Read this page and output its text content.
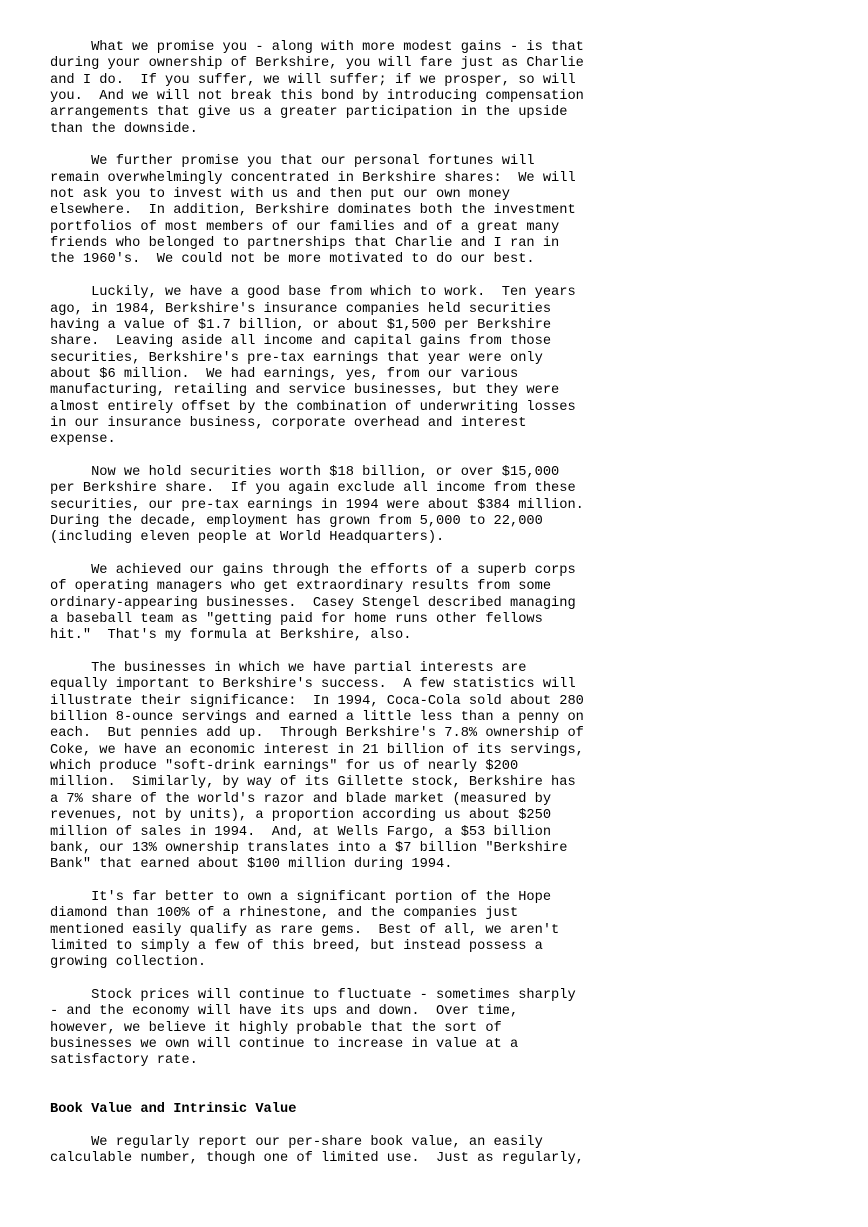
What we promise you - along with more modest gains - is that
during your ownership of Berkshire, you will fare just as Charlie
and I do.  If you suffer, we will suffer; if we prosper, so will
you.  And we will not break this bond by introducing compensation
arrangements that give us a greater participation in the upside
than the downside.

We further promise you that our personal fortunes will
remain overwhelmingly concentrated in Berkshire shares:  We will
not ask you to invest with us and then put our own money
elsewhere.  In addition, Berkshire dominates both the investment
portfolios of most members of our families and of a great many
friends who belonged to partnerships that Charlie and I ran in
the 1960's.  We could not be more motivated to do our best.

Luckily, we have a good base from which to work.  Ten years
ago, in 1984, Berkshire's insurance companies held securities
having a value of $1.7 billion, or about $1,500 per Berkshire
share.  Leaving aside all income and capital gains from those
securities, Berkshire's pre-tax earnings that year were only
about $6 million.  We had earnings, yes, from our various
manufacturing, retailing and service businesses, but they were
almost entirely offset by the combination of underwriting losses
in our insurance business, corporate overhead and interest
expense.

Now we hold securities worth $18 billion, or over $15,000
per Berkshire share.  If you again exclude all income from these
securities, our pre-tax earnings in 1994 were about $384 million.
During the decade, employment has grown from 5,000 to 22,000
(including eleven people at World Headquarters).

We achieved our gains through the efforts of a superb corps
of operating managers who get extraordinary results from some
ordinary-appearing businesses.  Casey Stengel described managing
a baseball team as "getting paid for home runs other fellows
hit."  That's my formula at Berkshire, also.

The businesses in which we have partial interests are
equally important to Berkshire's success.  A few statistics will
illustrate their significance:  In 1994, Coca-Cola sold about 280
billion 8-ounce servings and earned a little less than a penny on
each.  But pennies add up.  Through Berkshire's 7.8% ownership of
Coke, we have an economic interest in 21 billion of its servings,
which produce "soft-drink earnings" for us of nearly $200
million.  Similarly, by way of its Gillette stock, Berkshire has
a 7% share of the world's razor and blade market (measured by
revenues, not by units), a proportion according us about $250
million of sales in 1994.  And, at Wells Fargo, a $53 billion
bank, our 13% ownership translates into a $7 billion "Berkshire
Bank" that earned about $100 million during 1994.

It's far better to own a significant portion of the Hope
diamond than 100% of a rhinestone, and the companies just
mentioned easily qualify as rare gems.  Best of all, we aren't
limited to simply a few of this breed, but instead possess a
growing collection.

Stock prices will continue to fluctuate - sometimes sharply
- and the economy will have its ups and down.  Over time,
however, we believe it highly probable that the sort of
businesses we own will continue to increase in value at a
satisfactory rate.

Book Value and Intrinsic Value

We regularly report our per-share book value, an easily
calculable number, though one of limited use.  Just as regularly,
